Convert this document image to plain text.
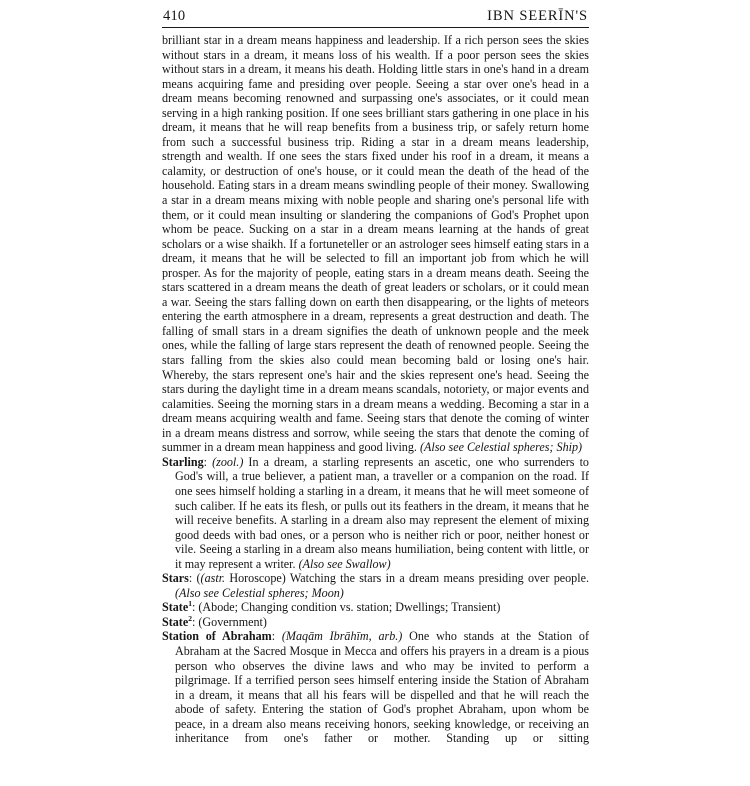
410	IBN SEERĪN'S

brilliant star in a dream means happiness and leadership. If a rich person sees the skies without stars in a dream, it means loss of his wealth. If a poor person sees the skies without stars in a dream, it means his death. Holding little stars in one's hand in a dream means acquiring fame and presiding over people. Seeing a star over one's head in a dream means becoming renowned and surpassing one's associates, or it could mean serving in a high ranking position. If one sees brilliant stars gathering in one place in his dream, it means that he will reap benefits from a business trip, or safely return home from such a successful business trip. Riding a star in a dream means leadership, strength and wealth. If one sees the stars fixed under his roof in a dream, it means a calamity, or destruction of one's house, or it could mean the death of the head of the household. Eating stars in a dream means swindling people of their money. Swallowing a star in a dream means mixing with noble people and sharing one's personal life with them, or it could mean insulting or slandering the companions of God's Prophet upon whom be peace. Sucking on a star in a dream means learning at the hands of great scholars or a wise shaikh. If a fortuneteller or an astrologer sees himself eating stars in a dream, it means that he will be selected to fill an important job from which he will prosper. As for the majority of people, eating stars in a dream means death. Seeing the stars scattered in a dream means the death of great leaders or scholars, or it could mean a war. Seeing the stars falling down on earth then disappearing, or the lights of meteors entering the earth atmosphere in a dream, represents a great destruction and death. The falling of small stars in a dream signifies the death of unknown people and the meek ones, while the falling of large stars represent the death of renowned people. Seeing the stars falling from the skies also could mean becoming bald or losing one's hair. Whereby, the stars represent one's hair and the skies represent one's head. Seeing the stars during the daylight time in a dream means scandals, notoriety, or major events and calamities. Seeing the morning stars in a dream means a wedding. Becoming a star in a dream means acquiring wealth and fame. Seeing stars that denote the coming of winter in a dream means distress and sorrow, while seeing the stars that denote the coming of summer in a dream mean happiness and good living. (Also see Celestial spheres; Ship)

Starling: (zool.) In a dream, a starling represents an ascetic, one who surrenders to God's will, a true believer, a patient man, a traveller or a companion on the road. If one sees himself holding a starling in a dream, it means that he will meet someone of such caliber. If he eats its flesh, or pulls out its feathers in the dream, it means that he will receive benefits. A starling in a dream also may represent the element of mixing good deeds with bad ones, or a person who is neither rich or poor, neither honest or vile. Seeing a starling in a dream also means humiliation, being content with little, or it may represent a writer. (Also see Swallow)

Stars: ((astr. Horoscope) Watching the stars in a dream means presiding over people. (Also see Celestial spheres; Moon)

State$^1$: (Abode; Changing condition vs. station; Dwellings; Transient)

State$^2$: (Government)

Station of Abraham: (Maqām Ibrāhīm, arb.) One who stands at the Station of Abraham at the Sacred Mosque in Mecca and offers his prayers in a dream is a pious person who observes the divine laws and who may be invited to perform a pilgrimage. If a terrified person sees himself entering inside the Station of Abraham in a dream, it means that all his fears will be dispelled and that he will reach the abode of safety. Entering the station of God's prophet Abraham, upon whom be peace, in a dream also means receiving honors, seeking knowledge, or receiving an inheritance from one's father or mother. Standing up or sitting
